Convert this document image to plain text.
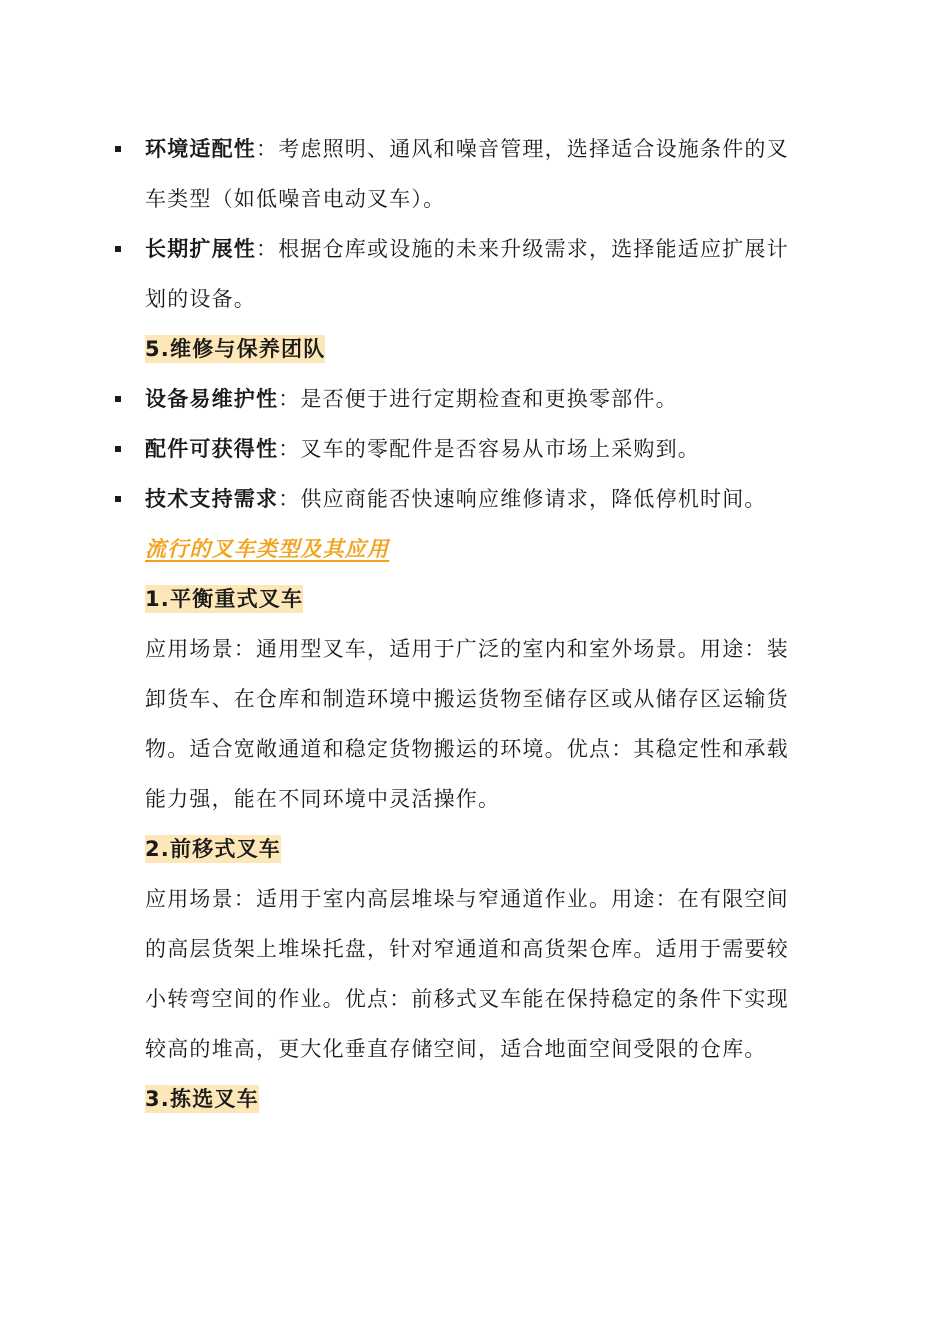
环境适配性：考虑照明、通风和噪音管理，选择适合设施条件的叉车类型（如低噪音电动叉车）。

长期扩展性：根据仓库或设施的未来升级需求，选择能适应扩展计划的设备。

5.维修与保养团队

设备易维护性：是否便于进行定期检查和更换零部件。

配件可获得性：叉车的零配件是否容易从市场上采购到。

技术支持需求：供应商能否快速响应维修请求，降低停机时间。

流行的叉车类型及其应用

1.平衡重式叉车

应用场景：通用型叉车，适用于广泛的室内和室外场景。用途：装卸货车、在仓库和制造环境中搬运货物至储存区或从储存区运输货物。适合宽敞通道和稳定货物搬运的环境。优点：其稳定性和承载能力强，能在不同环境中灵活操作。

2.前移式叉车

应用场景：适用于室内高层堆垛与窄通道作业。用途：在有限空间的高层货架上堆垛托盘，针对窄通道和高货架仓库。适用于需要较小转弯空间的作业。优点：前移式叉车能在保持稳定的条件下实现较高的堆高，更大化垂直存储空间，适合地面空间受限的仓库。

3.拣选叉车
